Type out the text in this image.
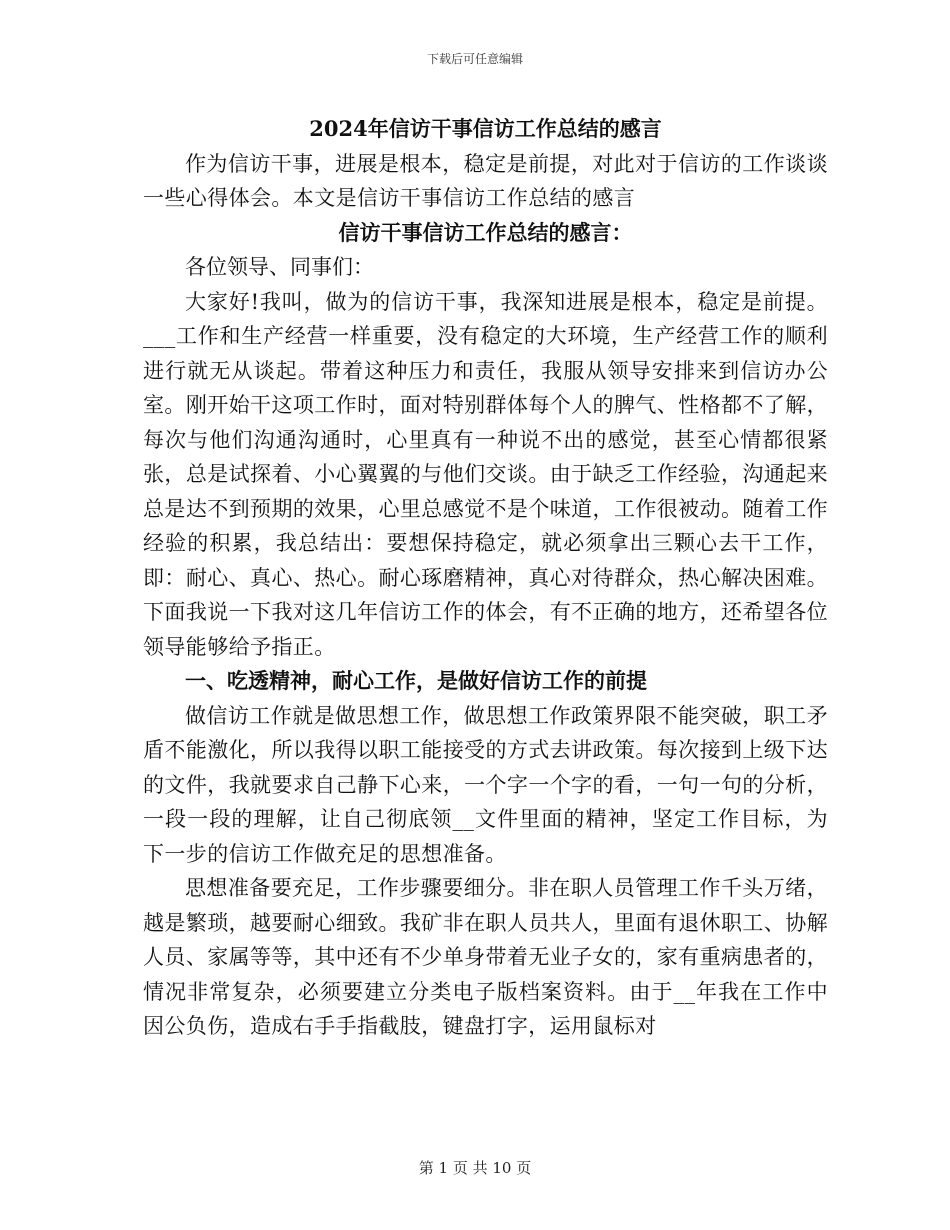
下载后可任意编辑

2024年信访干事信访工作总结的感言

作为信访干事，进展是根本，稳定是前提，对此对于信访的工作谈谈一些心得体会。本文是信访干事信访工作总结的感言

信访干事信访工作总结的感言：

各位领导、同事们：

大家好!我叫，做为的信访干事，我深知进展是根本，稳定是前提。___工作和生产经营一样重要，没有稳定的大环境，生产经营工作的顺利进行就无从谈起。带着这种压力和责任，我服从领导安排来到信访办公室。刚开始干这项工作时，面对特别群体每个人的脾气、性格都不了解，每次与他们沟通沟通时，心里真有一种说不出的感觉，甚至心情都很紧张，总是试探着、小心翼翼的与他们交谈。由于缺乏工作经验，沟通起来总是达不到预期的效果，心里总感觉不是个味道，工作很被动。随着工作经验的积累，我总结出：要想保持稳定，就必须拿出三颗心去干工作，即：耐心、真心、热心。耐心琢磨精神，真心对待群众，热心解决困难。下面我说一下我对这几年信访工作的体会，有不正确的地方，还希望各位领导能够给予指正。

一、吃透精神，耐心工作，是做好信访工作的前提

做信访工作就是做思想工作，做思想工作政策界限不能突破，职工矛盾不能激化，所以我得以职工能接受的方式去讲政策。每次接到上级下达的文件，我就要求自己静下心来，一个字一个字的看，一句一句的分析，一段一段的理解，让自己彻底领__文件里面的精神，坚定工作目标，为下一步的信访工作做充足的思想准备。

思想准备要充足，工作步骤要细分。非在职人员管理工作千头万绪，越是繁琐，越要耐心细致。我矿非在职人员共人，里面有退休职工、协解人员、家属等等，其中还有不少单身带着无业子女的，家有重病患者的，情况非常复杂，必须要建立分类电子版档案资料。由于__年我在工作中因公负伤，造成右手手指截肢，键盘打字，运用鼠标对

第 1 页 共 10 页
